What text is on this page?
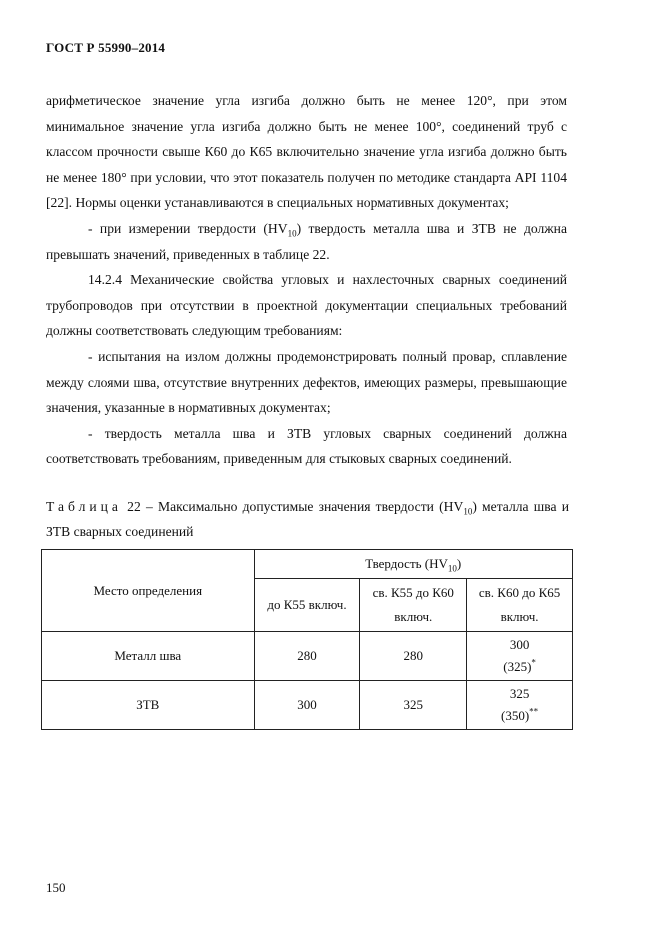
ГОСТ Р 55990–2014

арифметическое значение угла изгиба должно быть не менее 120°, при этом минимальное значение угла изгиба должно быть не менее 100°, соединений труб с классом прочности свыше К60 до К65 включительно значение угла изгиба должно быть не менее 180° при условии, что этот показатель получен по методике стандарта API 1104 [22]. Нормы оценки устанавливаются в специальных нормативных документах;

- при измерении твердости $(HV_{10})$ твердость металла шва и ЗТВ не должна превышать значений, приведенных в таблице 22.

14.2.4 Механические свойства угловых и нахлесточных сварных соединений трубопроводов при отсутствии в проектной документации специальных требований должны соответствовать следующим требованиям:

- испытания на излом должны продемонстрировать полный провар, сплавление между слоями шва, отсутствие внутренних дефектов, имеющих размеры, превышающие значения, указанные в нормативных документах;

- твердость металла шва и ЗТВ угловых сварных соединений должна соответствовать требованиям, приведенным для стыковых сварных соединений.

Таблица 22 – Максимально допустимые значения твердости $(HV_{10})$ металла шва и ЗТВ сварных соединений
Место определения	Твердость $(HV_{10})$		
	до К55 включ.	св. К55 до К60 включ.	св. К60 до К65 включ.
Металл шва	280	280	300
(325)*
ЗТВ	300	325	325
(350)**
150
